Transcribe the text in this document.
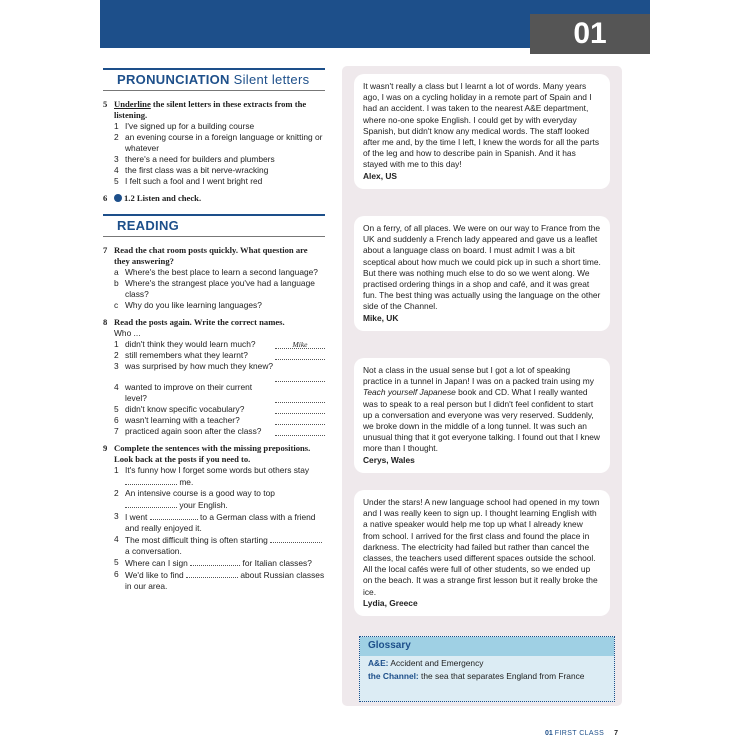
01
PRONUNCIATION Silent letters
5 Underline the silent letters in these extracts from the listening.
1 I've signed up for a building course
2 an evening course in a foreign language or knitting or whatever
3 there's a need for builders and plumbers
4 the first class was a bit nerve-wracking
5 I felt such a fool and I went bright red
6	1.2 Listen and check.
READING
7 Read the chat room posts quickly. What question are they answering?
a Where's the best place to learn a second language?
b Where's the strangest place you've had a language class?
c Why do you like learning languages?
8 Read the posts again. Write the correct names.
Who ...
1 didn't think they would learn much?	Mike
2 still remembers what they learnt?
3 was surprised by how much they knew?
4 wanted to improve on their current level?
5 didn't know specific vocabulary?
6 wasn't learning with a teacher?
7 practiced again soon after the class?
9 Complete the sentences with the missing prepositions. Look back at the posts if you need to.
1 It's funny how I forget some words but others stay  me.
2 An intensive course is a good way to top  your English.
3 I went	to a German class with a friend and really enjoyed it.
4 The most difficult thing is often starting  a conversation.
5 Where can I sign	for Italian classes?
6 We'd like to find	about Russian classes in our area.
It wasn't really a class but I learnt a lot of words. Many years ago, I was on a cycling holiday in a remote part of Spain and I had an accident. I was taken to the nearest A&E department, where no-one spoke English. I could get by with everyday Spanish, but didn't know any medical words. The staff looked after me and, by the time I left, I knew the words for all the parts of the leg and how to describe pain in Spanish. And it has stayed with me to this day!
Alex, US
On a ferry, of all places. We were on our way to France from the UK and suddenly a French lady appeared and gave us a leaflet about a language class on board. I must admit I was a bit sceptical about how much we could pick up in such a short time. But there was nothing much else to do so we went along. We practised ordering things in a shop and café, and it was great fun. The best thing was actually using the language on the other side of the Channel.
Mike, UK
Not a class in the usual sense but I got a lot of speaking practice in a tunnel in Japan! I was on a packed train using my Teach yourself Japanese book and CD. What I really wanted was to speak to a real person but I didn't feel confident to start up a conversation and everyone was very reserved. Suddenly, we broke down in the middle of a long tunnel. It was such an unusual thing that it got everyone talking. I found out that I knew more than I thought.
Cerys, Wales
Under the stars! A new language school had opened in my town and I was really keen to sign up. I thought learning English with a native speaker would help me top up what I already knew from school. I arrived for the first class and found the place in darkness. The electricity had failed but rather than cancel the classes, the teachers used different spaces outside the school. All the local cafés were full of other students, so we ended up on the beach. It was a strange first lesson but it really broke the ice.
Lydia, Greece
Glossary
A&E: Accident and Emergency
the Channel: the sea that separates England from France
01 FIRST CLASS 7
